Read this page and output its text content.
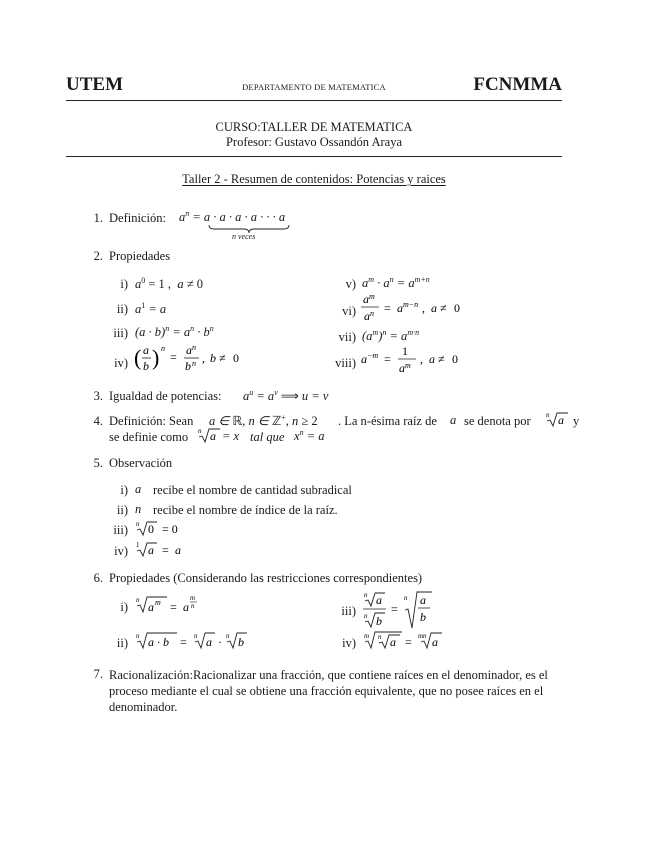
UTEM	DEPARTAMENTO DE MATEMATICA	FCNMMA
CURSO:TALLER DE MATEMATICA
Profesor: Gustavo Ossandón Araya
Taller 2 - Resumen de contenidos: Potencias y raices
1. Definición: $a^n = a \cdot a \cdot a \cdot a$ · · · a
n veces
2. Propiedades
i) $a^0 = 1$ ,  a ≠ 0
ii) $a^1 = a$
iii) $(a \cdot b)^n = a^n \cdot b^n$
iv) ( a
b ) n
= a n
b n , b ≠ 0
v) $a^m \cdot a^n = a^{m+n}$
vi)
a m
a n = a m−n , a ≠ 0
vii) $(a^m)^n = a^{m\cdot n}$
viii) a −m =
1
a m , a ≠ 0
3. Igualdad de potencias: $a^u = a^v$ ⟹ u = v
4. Definición: Sean a ∈ ℝ, n ∈ ℤ+, n ≥ 2 . La n-ésima raíz de a se denota por n a y
se definie como n a = x tal que $x^n = a$
5. Observación
i) a recibe el nombre de cantidad subradical
ii) n recibe el nombre de índice de la raíz.
iii) n 0 = 0
iv) 1 a = a
6. Propiedades (Considerando las restricciones correspondientes)
i) n a m = a
m
n
ii) n a · b = n a · n b
iii)
n a
n b
=
n a
b
iv) m n a = mn a
7. Racionalización:Racionalizar una fracción, que contiene raíces en el denominador, es el
proceso mediante el cual se obtiene una fracción equivalente, que no posee raíces en el
denominador.
